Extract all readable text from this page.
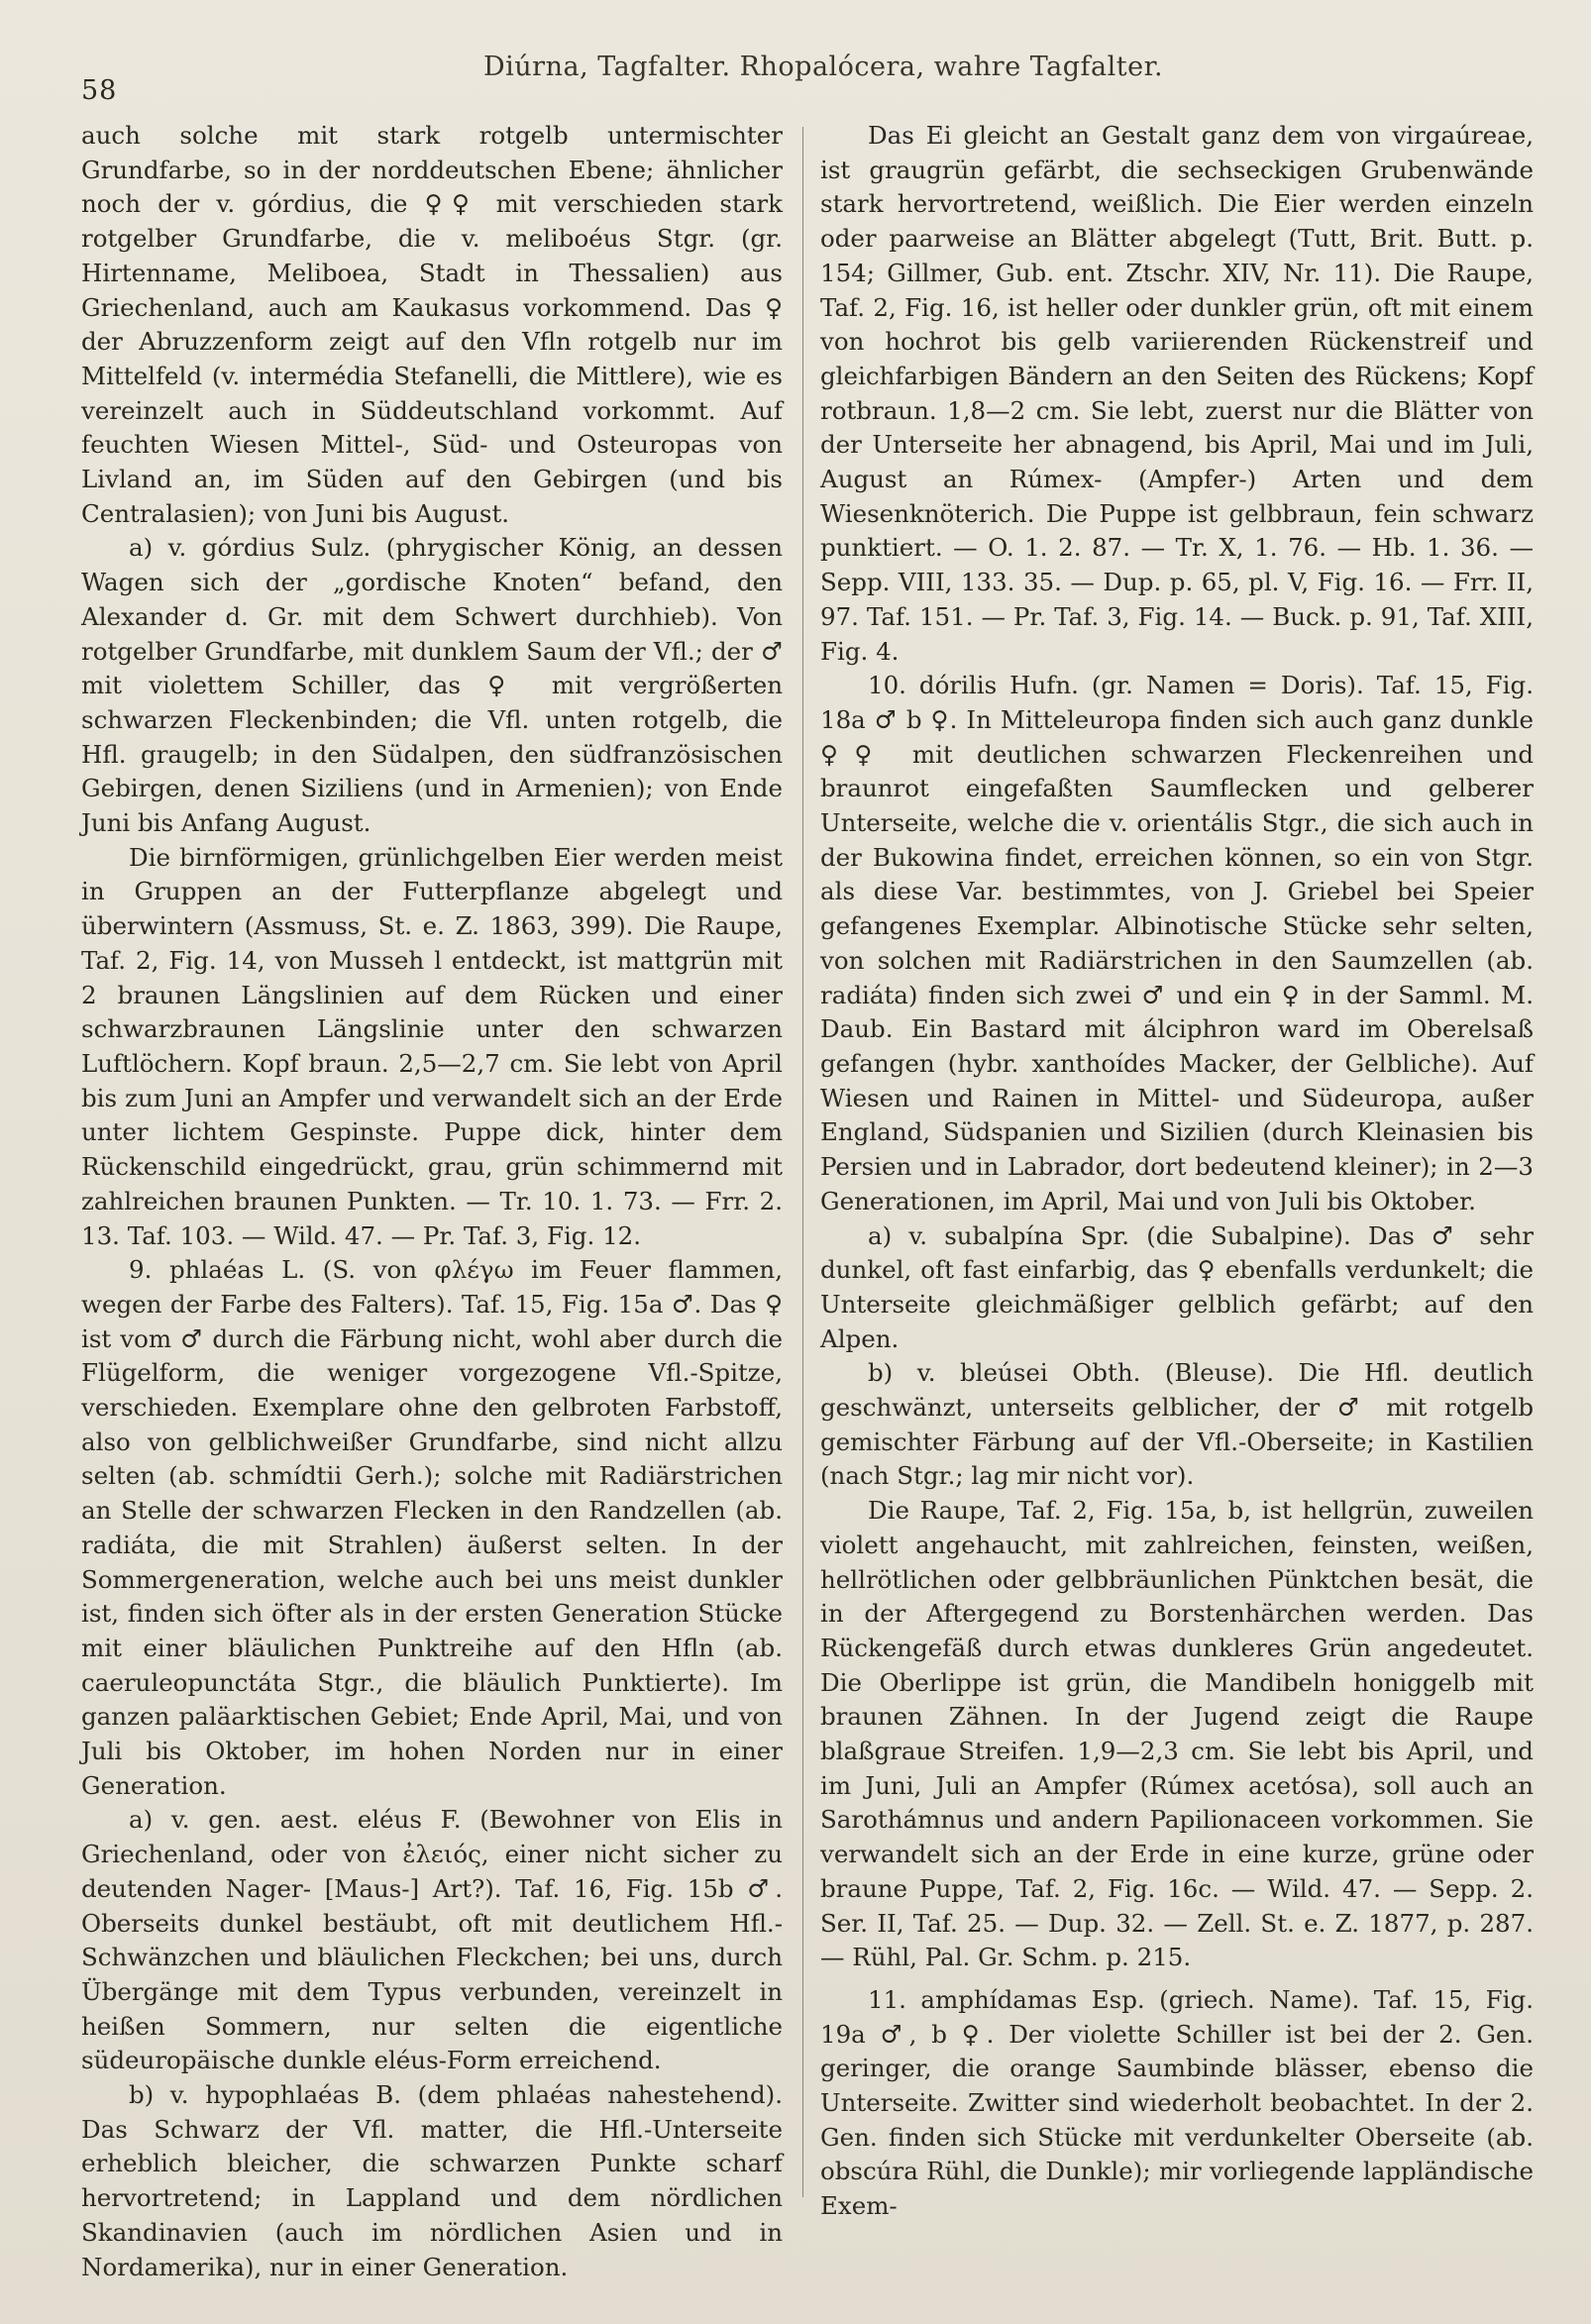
58
Diúrna, Tagfalter. Rhopalócera, wahre Tagfalter.

auch solche mit stark rotgelb untermischter Grundfarbe, so in der norddeutschen Ebene; ähnlicher noch der v. górdius, die ♀♀ mit verschieden stark rotgelber Grundfarbe, die v. meliboéus Stgr. (gr. Hirtenname, Meliboea, Stadt in Thessalien) aus Griechenland, auch am Kaukasus vorkommend. Das ♀ der Abruzzenform zeigt auf den Vfln rotgelb nur im Mittelfeld (v. intermédia Stefanelli, die Mittlere), wie es vereinzelt auch in Süddeutschland vorkommt. Auf feuchten Wiesen Mittel-, Süd- und Osteuropas von Livland an, im Süden auf den Gebirgen (und bis Centralasien); von Juni bis August.

a) v. górdius Sulz. (phrygischer König, an dessen Wagen sich der „gordische Knoten“ befand, den Alexander d. Gr. mit dem Schwert durchhieb). Von rotgelber Grundfarbe, mit dunklem Saum der Vfl.; der ♂ mit violettem Schiller, das ♀ mit vergrößerten schwarzen Fleckenbinden; die Vfl. unten rotgelb, die Hfl. graugelb; in den Südalpen, den südfranzösischen Gebirgen, denen Siziliens (und in Armenien); von Ende Juni bis Anfang August.

Die birnförmigen, grünlichgelben Eier werden meist in Gruppen an der Futterpflanze abgelegt und überwintern (Assmuss, St. e. Z. 1863, 399). Die Raupe, Taf. 2, Fig. 14, von Musseh l entdeckt, ist mattgrün mit 2 braunen Längslinien auf dem Rücken und einer schwarzbraunen Längslinie unter den schwarzen Luftlöchern. Kopf braun. 2,5—2,7 cm. Sie lebt von April bis zum Juni an Ampfer und verwandelt sich an der Erde unter lichtem Gespinste. Puppe dick, hinter dem Rückenschild eingedrückt, grau, grün schimmernd mit zahlreichen braunen Punkten. — Tr. 10. 1. 73. — Frr. 2. 13. Taf. 103. — Wild. 47. — Pr. Taf. 3, Fig. 12.

9. phlaéas L. (S. von φλέγω im Feuer flammen, wegen der Farbe des Falters). Taf. 15, Fig. 15a ♂. Das ♀ ist vom ♂ durch die Färbung nicht, wohl aber durch die Flügelform, die weniger vorgezogene Vfl.-Spitze, verschieden. Exemplare ohne den gelbroten Farbstoff, also von gelblichweißer Grundfarbe, sind nicht allzu selten (ab. schmídtii Gerh.); solche mit Radiärstrichen an Stelle der schwarzen Flecken in den Randzellen (ab. radiáta, die mit Strahlen) äußerst selten. In der Sommergeneration, welche auch bei uns meist dunkler ist, finden sich öfter als in der ersten Generation Stücke mit einer bläulichen Punktreihe auf den Hfln (ab. caeruleopunctáta Stgr., die bläulich Punktierte). Im ganzen paläarktischen Gebiet; Ende April, Mai, und von Juli bis Oktober, im hohen Norden nur in einer Generation.

a) v. gen. aest. eléus F. (Bewohner von Elis in Griechenland, oder von ἐλειός, einer nicht sicher zu deutenden Nager- [Maus-] Art?). Taf. 16, Fig. 15b ♂. Oberseits dunkel bestäubt, oft mit deutlichem Hfl.-Schwänzchen und bläulichen Fleckchen; bei uns, durch Übergänge mit dem Typus verbunden, vereinzelt in heißen Sommern, nur selten die eigentliche südeuropäische dunkle eléus-Form erreichend.

b) v. hypophlaéas B. (dem phlaéas nahestehend). Das Schwarz der Vfl. matter, die Hfl.-Unterseite erheblich bleicher, die schwarzen Punkte scharf hervortretend; in Lappland und dem nördlichen Skandinavien (auch im nördlichen Asien und in Nordamerika), nur in einer Generation.

Das Ei gleicht an Gestalt ganz dem von virgaúreae, ist graugrün gefärbt, die sechseckigen Grubenwände stark hervortretend, weißlich. Die Eier werden einzeln oder paarweise an Blätter abgelegt (Tutt, Brit. Butt. p. 154; Gillmer, Gub. ent. Ztschr. XIV, Nr. 11). Die Raupe, Taf. 2, Fig. 16, ist heller oder dunkler grün, oft mit einem von hochrot bis gelb variierenden Rückenstreif und gleichfarbigen Bändern an den Seiten des Rückens; Kopf rotbraun. 1,8—2 cm. Sie lebt, zuerst nur die Blätter von der Unterseite her abnagend, bis April, Mai und im Juli, August an Rúmex- (Ampfer-) Arten und dem Wiesenknöterich. Die Puppe ist gelbbraun, fein schwarz punktiert. — O. 1. 2. 87. — Tr. X, 1. 76. — Hb. 1. 36. — Sepp. VIII, 133. 35. — Dup. p. 65, pl. V, Fig. 16. — Frr. II, 97. Taf. 151. — Pr. Taf. 3, Fig. 14. — Buck. p. 91, Taf. XIII, Fig. 4.

10. dórilis Hufn. (gr. Namen = Doris). Taf. 15, Fig. 18a ♂ b ♀. In Mitteleuropa finden sich auch ganz dunkle ♀♀ mit deutlichen schwarzen Fleckenreihen und braunrot eingefaßten Saumflecken und gelberer Unterseite, welche die v. orientális Stgr., die sich auch in der Bukowina findet, erreichen können, so ein von Stgr. als diese Var. bestimmtes, von J. Griebel bei Speier gefangenes Exemplar. Albinotische Stücke sehr selten, von solchen mit Radiärstrichen in den Saumzellen (ab. radiáta) finden sich zwei ♂ und ein ♀ in der Samml. M. Daub. Ein Bastard mit álciphron ward im Oberelsaß gefangen (hybr. xanthoídes Macker, der Gelbliche). Auf Wiesen und Rainen in Mittel- und Südeuropa, außer England, Südspanien und Sizilien (durch Kleinasien bis Persien und in Labrador, dort bedeutend kleiner); in 2—3 Generationen, im April, Mai und von Juli bis Oktober.

a) v. subalpína Spr. (die Subalpine). Das ♂ sehr dunkel, oft fast einfarbig, das ♀ ebenfalls verdunkelt; die Unterseite gleichmäßiger gelblich gefärbt; auf den Alpen.

b) v. bleúsei Obth. (Bleuse). Die Hfl. deutlich geschwänzt, unterseits gelblicher, der ♂ mit rotgelb gemischter Färbung auf der Vfl.-Oberseite; in Kastilien (nach Stgr.; lag mir nicht vor).

Die Raupe, Taf. 2, Fig. 15a, b, ist hellgrün, zuweilen violett angehaucht, mit zahlreichen, feinsten, weißen, hellrötlichen oder gelbbräunlichen Pünktchen besät, die in der Aftergegend zu Borstenhärchen werden. Das Rückengefäß durch etwas dunkleres Grün angedeutet. Die Oberlippe ist grün, die Mandibeln honiggelb mit braunen Zähnen. In der Jugend zeigt die Raupe blaßgraue Streifen. 1,9—2,3 cm. Sie lebt bis April, und im Juni, Juli an Ampfer (Rúmex acetósa), soll auch an Sarothámnus und andern Papilionaceen vorkommen. Sie verwandelt sich an der Erde in eine kurze, grüne oder braune Puppe, Taf. 2, Fig. 16c. — Wild. 47. — Sepp. 2. Ser. II, Taf. 25. — Dup. 32. — Zell. St. e. Z. 1877, p. 287. — Rühl, Pal. Gr. Schm. p. 215.

11. amphídamas Esp. (griech. Name). Taf. 15, Fig. 19a ♂, b ♀. Der violette Schiller ist bei der 2. Gen. geringer, die orange Saumbinde blässer, ebenso die Unterseite. Zwitter sind wiederholt beobachtet. In der 2. Gen. finden sich Stücke mit verdunkelter Oberseite (ab. obscúra Rühl, die Dunkle); mir vorliegende lappländische Exem-
